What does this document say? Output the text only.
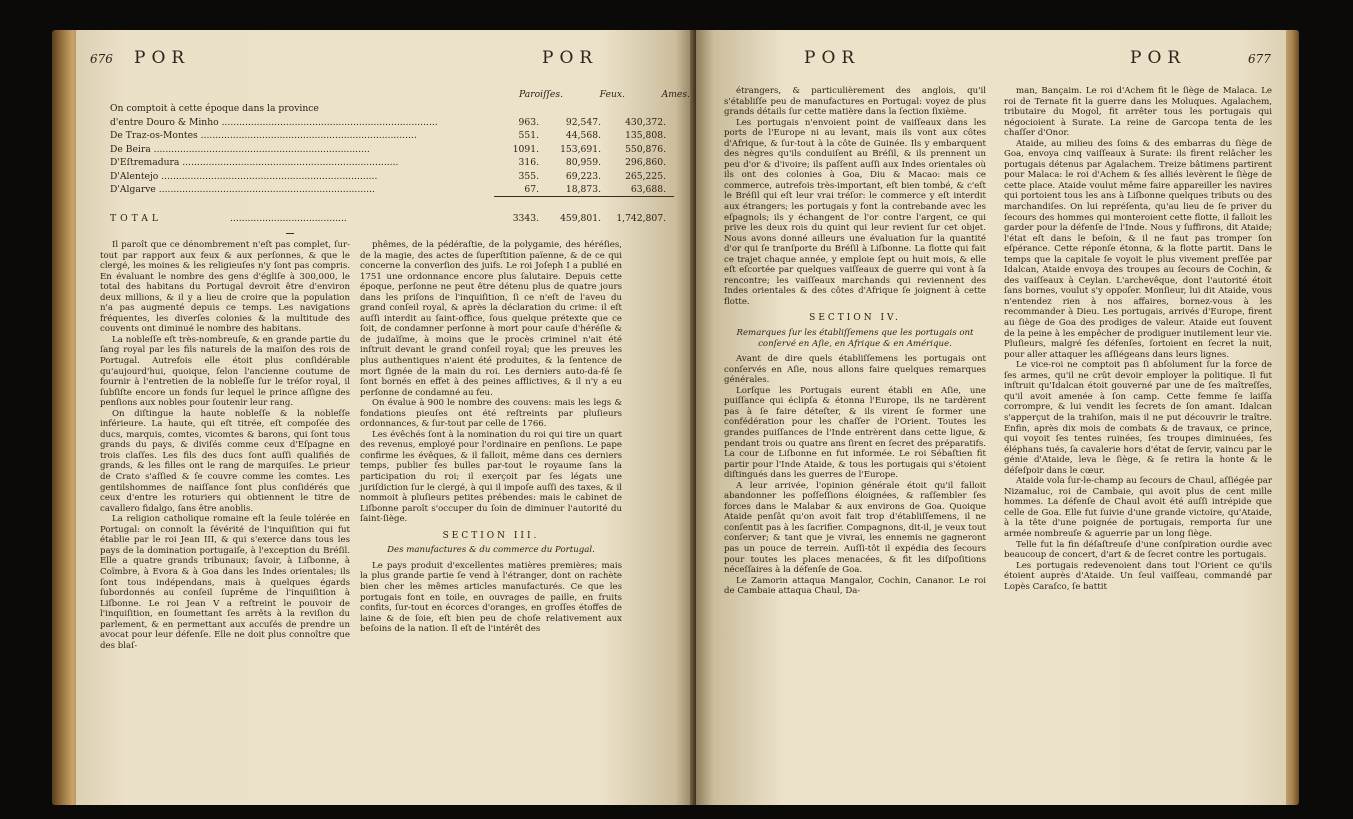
676 POR	POR
Paroiſſes.	Feux.	Ames.
On comptoit à cette époque dans la province
d'entre Douro & Minho ..........................................................................	963.	92,547.	430,372.
De Traz-os-Montes ..........................................................................	551.	44,568.	135,808.
De Beira ..........................................................................	1091.	153,691.	550,876.
D'Eſtremadura ..........................................................................	316.	80,959.	296,860.
D'Alentejo ..........................................................................	355.	69,223.	265,225.
D'Algarve ..........................................................................	67.	18,873.	63,688.
TOTAL	........................................	3343.	459,801.	1,742,807.

Il paroît que ce dénombrement n'eſt pas complet, ſur-tout par rapport aux feux & aux perſonnes, & que le clergé, les moines & les religieuſes n'y ſont pas compris. En évaluant le nombre des gens d'égliſe à 300,000, le total des habitans du Portugal devroit être d'environ deux millions, & il y a lieu de croire que la population n'a pas augmenté depuis ce temps. Les navigations fréquentes, les diverſes colonies & la multitude des couvents ont diminué le nombre des habitans.

La nobleſſe eſt très-nombreuſe, & en grande partie du ſang royal par les fils naturels de la maiſon des rois de Portugal. Autrefois elle étoit plus conſidérable qu'aujourd'hui, quoique, ſelon l'ancienne coutume de fournir à l'entretien de la nobleſſe ſur le tréſor royal, il ſubſiſte encore un fonds ſur lequel le prince aſſigne des penſions aux nobles pour ſoutenir leur rang.

On diſtingue la haute nobleſſe & la nobleſſe inférieure. La haute, qui eſt titrée, eſt compoſée des ducs, marquis, comtes, vicomtes & barons, qui ſont tous grands du pays, & diviſés comme ceux d'Eſpagne en trois claſſes. Les fils des ducs ſont auſſi qualifiés de grands, & les filles ont le rang de marquiſes. Le prieur de Crato s'aſſied & ſe couvre comme les comtes. Les gentilshommes de naiſſance ſont plus conſidérés que ceux d'entre les roturiers qui obtiennent le titre de cavallero fidalgo, ſans être anoblis.

La religion catholique romaine eſt la ſeule tolérée en Portugal: on connoît la ſévérité de l'inquiſition qui fut établie par le roi Jean III, & qui s'exerce dans tous les pays de la domination portugaiſe, à l'exception du Bréſil. Elle a quatre grands tribunaux; ſavoir, à Liſbonne, à Coïmbre, à Evora & à Goa dans les Indes orientales; ils ſont tous indépendans, mais à quelques égards ſubordonnés au conſeil ſuprême de l'inquiſition à Liſbonne. Le roi Jean V a reſtreint le pouvoir de l'inquiſition, en ſoumettant ſes arrêts à la reviſion du parlement, & en permettant aux accuſés de prendre un avocat pour leur défenſe. Elle ne doit plus connoître que des blaſ-

phêmes, de la pédéraſtie, de la polygamie, des héréſies, de la magie, des actes de ſuperſtition païenne, & de ce qui concerne la converſion des juifs. Le roi Joſeph I a publié en 1751 une ordonnance encore plus ſalutaire. Depuis cette époque, perſonne ne peut être détenu plus de quatre jours dans les priſons de l'inquiſition, ſi ce n'eſt de l'aveu du grand conſeil royal, & après la déclaration du crime: il eſt auſſi interdit au ſaint-office, ſous quelque prétexte que ce ſoit, de condamner perſonne à mort pour cauſe d'héréſie & de judaïſme, à moins que le procès criminel n'ait été inſtruit devant le grand conſeil royal; que les preuves les plus authentiques n'aient été produites, & la ſentence de mort ſignée de la main du roi. Les derniers auto-da-fé ſe ſont bornés en effet à des peines afflictives, & il n'y a eu perſonne de condamné au feu.

On évalue à 900 le nombre des couvens: mais les legs & fondations pieuſes ont été reſtreints par pluſieurs ordonnances, & ſur-tout par celle de 1766.

Les évêchés ſont à la nomination du roi qui tire un quart des revenus, employé pour l'ordinaire en penſions. Le pape confirme les évêques, & il falloit, même dans ces derniers temps, publier ſes bulles par-tout le royaume ſans la participation du roi; il exerçoit par ſes légats une juriſdiction ſur le clergé, à qui il impoſe auſſi des taxes, & il nommoit à pluſieurs petites prébendes: mais le cabinet de Liſbonne paroît s'occuper du ſoin de diminuer l'autorité du ſaint-ſiège.

SECTION III.
Des manufactures & du commerce du Portugal.

Le pays produit d'excellentes matières premières; mais la plus grande partie ſe vend à l'étranger, dont on rachète bien cher les mêmes articles manufacturés. Ce que les portugais font en toile, en ouvrages de paille, en fruits confits, ſur-tout en écorces d'oranges, en groſſes étoffes de laine & de ſoie, eſt bien peu de choſe relativement aux beſoins de la nation. Il eſt de l'intérêt des

POR	POR	677

étrangers, & particulièrement des anglois, qu'il s'établiſſe peu de manufactures en Portugal: voyez de plus grands détails ſur cette matière dans la ſection ſixième.

Les portugais n'envoient point de vaiſſeaux dans les ports de l'Europe ni au levant, mais ils vont aux côtes d'Afrique, & ſur-tout à la côte de Guinée. Ils y embarquent des nègres qu'ils conduiſent au Bréſil, & ils prennent un peu d'or & d'ivoire; ils paſſent auſſi aux Indes orientales où ils ont des colonies à Goa, Diu & Macao: mais ce commerce, autrefois très-important, eſt bien tombé, & c'eſt le Bréſil qui eſt leur vrai tréſor: le commerce y eſt interdit aux étrangers; les portugais y font la contrebande avec les eſpagnols; ils y échangent de l'or contre l'argent, ce qui prive les deux rois du quint qui leur revient ſur cet objet. Nous avons donné ailleurs une évaluation ſur la quantité d'or qui ſe tranſporte du Bréſil à Liſbonne. La flotte qui fait ce trajet chaque année, y emploie ſept ou huit mois, & elle eſt eſcortée par quelques vaiſſeaux de guerre qui vont à ſa rencontre; les vaiſſeaux marchands qui reviennent des Indes orientales & des côtes d'Afrique ſe joignent à cette flotte.

SECTION IV.
Remarques ſur les établiſſemens que les portugais ont conſervé en Aſie, en Afrique & en Amérique.

Avant de dire quels établiſſemens les portugais ont conſervés en Aſie, nous allons faire quelques remarques générales.

Lorſque les Portugais eurent établi en Aſie, une puiſſance qui éclipſa & étonna l'Europe, ils ne tardèrent pas à ſe faire déteſter, & ils virent ſe former une confédération pour les chaſſer de l'Orient. Toutes les grandes puiſſances de l'Inde entrèrent dans cette ligue, & pendant trois ou quatre ans ſirent en ſecret des préparatifs. La cour de Liſbonne en fut informée. Le roi Sébaſtien fit partir pour l'Inde Ataide, & tous les portugais qui s'étoient diſtingués dans les guerres de l'Europe.

A leur arrivée, l'opinion générale étoit qu'il falloit abandonner les poſſeſſions éloignées, & raſſembler ſes forces dans le Malabar & aux environs de Goa. Quoique Ataide penſât qu'on avoit fait trop d'établiſſemens, il ne conſentit pas à les ſacrifier. Compagnons, dit-il, je veux tout conſerver; & tant que je vivrai, les ennemis ne gagneront pas un pouce de terrein. Auſſi-tôt il expédia des ſecours pour toutes les places menacées, & fit les diſpoſitions néceſſaires à la défenſe de Goa.

Le Zamorin attaqua Mangalor, Cochin, Cananor. Le roi de Cambaie attaqua Chaul, Da-

man, Bançaim. Le roi d'Achem fit le ſiège de Malaca. Le roi de Ternate fit la guerre dans les Moluques. Agalachem, tributaire du Mogol, fit arrêter tous les portugais qui négocioient à Surate. La reine de Garcopa tenta de les chaſſer d'Onor.

Ataide, au milieu des ſoins & des embarras du ſiège de Goa, envoya cinq vaiſſeaux à Surate: ils firent relâcher les portugais détenus par Agalachem. Treize bâtimens partirent pour Malaca: le roi d'Achem & ſes alliés levèrent le ſiège de cette place. Ataide voulut même faire appareiller les navires qui portoient tous les ans à Liſbonne quelques tributs ou des marchandiſes. On lui repréſenta, qu'au lieu de ſe priver du ſecours des hommes qui monteroient cette flotte, il falloit les garder pour la défenſe de l'Inde. Nous y ſuffirons, dit Ataide; l'état eſt dans le beſoin, & il ne faut pas tromper ſon eſpérance. Cette réponſe étonna, & la flotte partit. Dans le temps que la capitale ſe voyoit le plus vivement preſſée par Idalcan, Ataide envoya des troupes au ſecours de Cochin, & des vaiſſeaux à Ceylan. L'archevêque, dont l'autorité étoit ſans bornes, voulut s'y oppoſer. Monſieur, lui dit Ataide, vous n'entendez rien à nos affaires, bornez-vous à les recommander à Dieu. Les portugais, arrivés d'Europe, firent au ſiège de Goa des prodiges de valeur. Ataide eut ſouvent de la peine à les empêcher de prodiguer inutilement leur vie. Pluſieurs, malgré ſes défenſes, ſortoient en ſecret la nuit, pour aller attaquer les aſſiégeans dans leurs lignes.

Le vice-roi ne comptoit pas ſi abſolument ſur la force de ſes armes, qu'il ne crût devoir employer la politique. Il fut inſtruit qu'Idalcan étoit gouverné par une de ſes maîtreſſes, qu'il avoit amenée à ſon camp. Cette femme ſe laiſſa corrompre, & lui vendit les ſecrets de ſon amant. Idalcan s'apperçut de la trahiſon, mais il ne put découvrir le traître. Enfin, après dix mois de combats & de travaux, ce prince, qui voyoit ſes tentes ruinées, ſes troupes diminuées, ſes éléphans tués, ſa cavalerie hors d'état de ſervir, vaincu par le génie d'Ataide, leva le ſiège, & ſe retira la honte & le déſeſpoir dans le cœur.

Ataide vola ſur-le-champ au ſecours de Chaul, aſſiégée par Nizamaluc, roi de Cambaie, qui avoit plus de cent mille hommes. La défenſe de Chaul avoit été auſſi intrépide que celle de Goa. Elle fut ſuivie d'une grande victoire, qu'Ataide, à la tête d'une poignée de portugais, remporta ſur une armée nombreuſe & aguerrie par un long ſiège.

Telle fut la fin déſaſtreuſe d'une conſpiration ourdie avec beaucoup de concert, d'art & de ſecret contre les portugais.

Les portugais redevenoient dans tout l'Orient ce qu'ils étoient auprès d'Ataide. Un ſeul vaiſſeau, commandé par Lopès Caraſco, ſe battit
